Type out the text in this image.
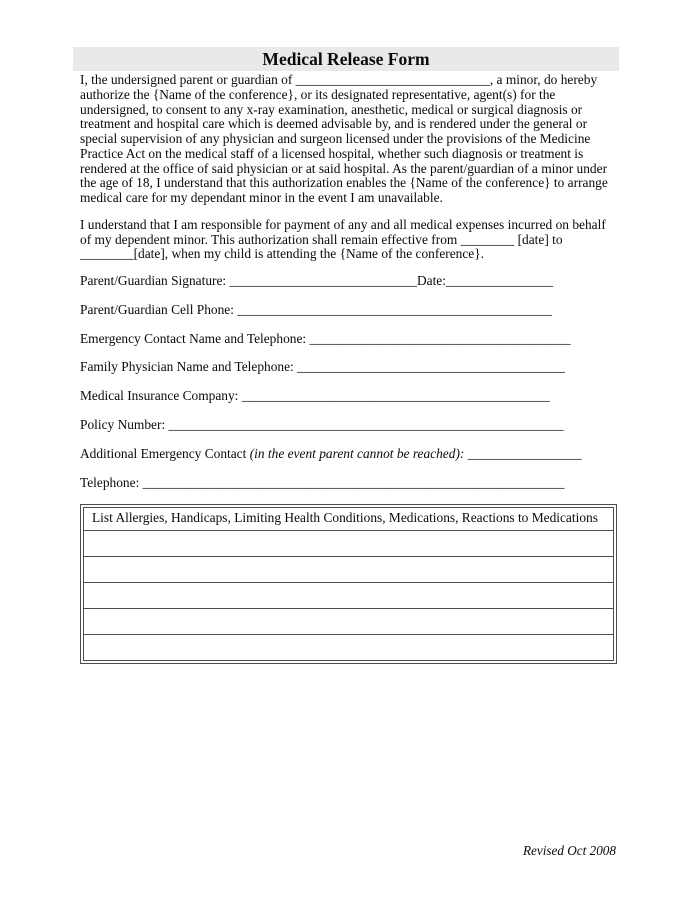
Medical Release Form

I, the undersigned parent or guardian of _____________________________, a minor, do hereby authorize the {Name of the conference}, or its designated representative, agent(s) for the undersigned, to consent to any x-ray examination, anesthetic, medical or surgical diagnosis or treatment and hospital care which is deemed advisable by, and is rendered under the general or special supervision of any physician and surgeon licensed under the provisions of the Medicine Practice Act on the medical staff of a licensed hospital, whether such diagnosis or treatment is rendered at the office of said physician or at said hospital. As the parent/guardian of a minor under the age of 18, I understand that this authorization enables the {Name of the conference} to arrange medical care for my dependant minor in the event I am unavailable.

I understand that I am responsible for payment of any and all medical expenses incurred on behalf of my dependent minor. This authorization shall remain effective from ________ [date] to ________[date], when my child is attending the {Name of the conference}.

Parent/Guardian Signature: ____________________________Date:________________
Parent/Guardian Cell Phone: _______________________________________________
Emergency Contact Name and Telephone: _______________________________________
Family Physician Name and Telephone: ________________________________________
Medical Insurance Company: ______________________________________________
Policy Number: ___________________________________________________________
Additional Emergency Contact (in the event parent cannot be reached): _________________
Telephone: _______________________________________________________________
List Allergies, Handicaps, Limiting Health Conditions, Medications, Reactions to Medications

Revised Oct 2008
